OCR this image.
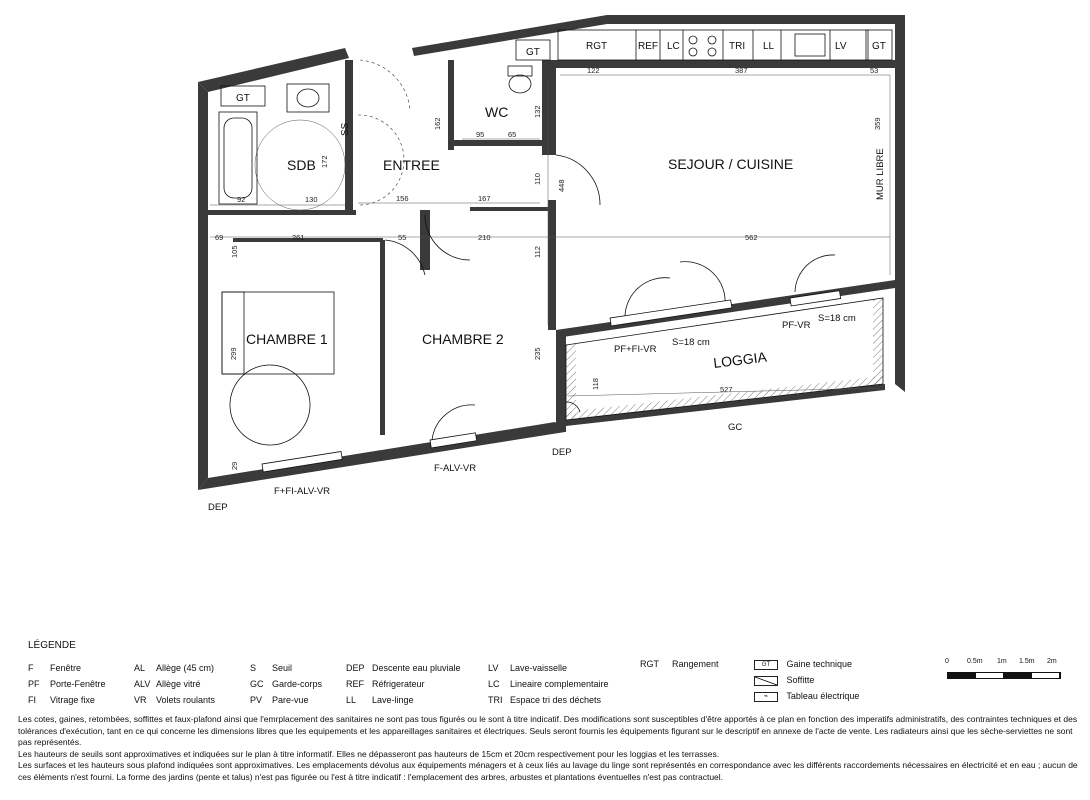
SDB	ENTREE
WC
SEJOUR / CUISINE
CHAMBRE 1	CHAMBRE 2
LOGGIA
GT
GT
GT
RGT	REF LC	TRI LL	LV
SS
MUR LIBRE
DEP
DEP
F+FI-ALV-VR
F-ALV-VR
PF+FI-VR
S=18 cm
PF-VR
S=18 cm
GC
122	387	53
359
132
162
95	65
172
92	130	156	167
110
448
69	261	55	210	562
105	112
299	235
29
118	527
LÉGENDE
F Fenêtre
PF Porte-Fenêtre
FI Vitrage fixe
AL Allège (45 cm)
ALV Allège vitré
VR Volets roulants
S Seuil
GC Garde-corps
PV Pare-vue
DEP Descente eau pluviale
REF Réfrigerateur
LL Lave-linge
LV Lave-vaisselle
LC Lineaire complementaire
TRI Espace tri des déchets
RGT Rangement	GT Gaine technique
Soffitte
⌁ Tableau électrique
0	0.5m 1m 1.5m 2m

Les cotes, gaines, retombées, soffittes et faux-plafond ainsi que l'emrplacement des sanitaires ne sont pas tous figurés ou le sont à titre indicatif. Des modifications sont susceptibles d'être apportés à ce plan en fonction des imperatifs administratifs, des contraintes techniques et des tolérances d'exécution, tant en ce qui concerne les dimensions libres que les equipements et les appareillages sanitaires et électriques. Seuls seront fournis les équipements figurant sur le descriptif en annexe de l'acte de vente. Les radiateurs ainsi que les sèche-serviettes ne sont pas représentés.

Les hauteurs de seuils sont approximatives et indiquées sur le plan à titre informatif. Elles ne dépasseront pas hauteurs de 15cm et 20cm respectivement pour les loggias et les terrasses.

Les surfaces et les hauteurs sous plafond indiquées sont approximatives. Les emplacements dévolus aux équipements ménagers et à ceux liés au lavage du linge sont représentés en correspondance avec les différents raccordements nécessaires en électricité et en eau ; aucun de ces éléments n'est fourni. La forme des jardins (pente et talus) n'est pas figurée ou l'est à titre indicatif : l'emplacement des arbres, arbustes et plantations éventuelles n'est pas contractuel.
